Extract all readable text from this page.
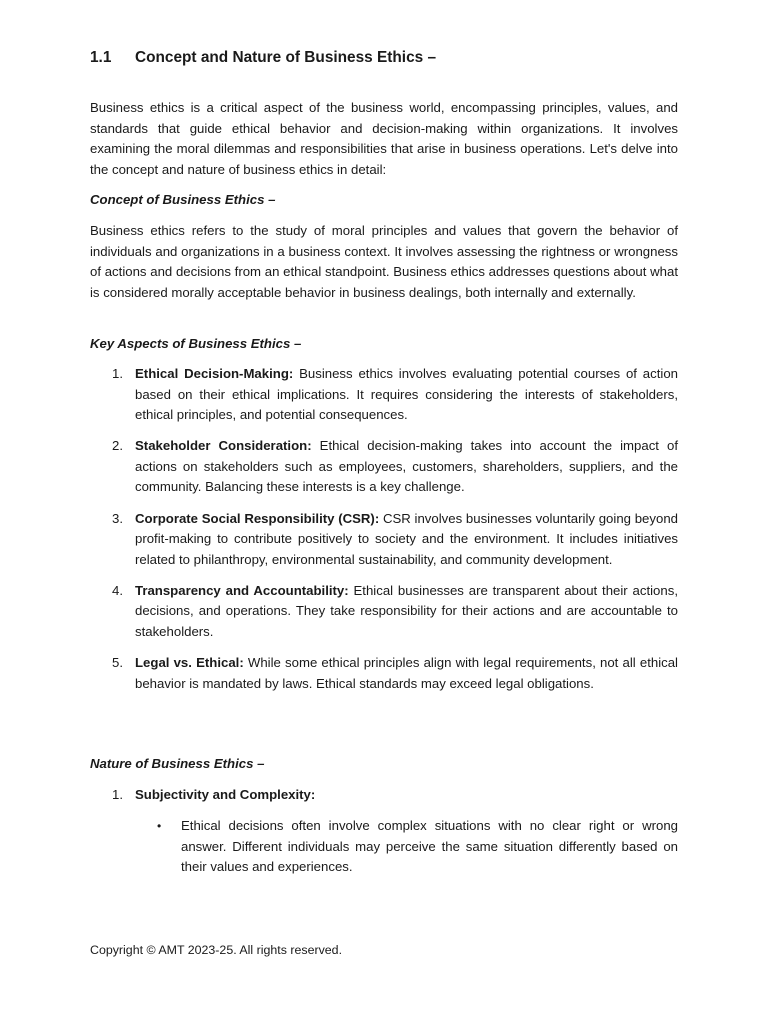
1.1 Concept and Nature of Business Ethics –

Business ethics is a critical aspect of the business world, encompassing principles, values, and standards that guide ethical behavior and decision-making within organizations. It involves examining the moral dilemmas and responsibilities that arise in business operations. Let's delve into the concept and nature of business ethics in detail:

Concept of Business Ethics –

Business ethics refers to the study of moral principles and values that govern the behavior of individuals and organizations in a business context. It involves assessing the rightness or wrongness of actions and decisions from an ethical standpoint. Business ethics addresses questions about what is considered morally acceptable behavior in business dealings, both internally and externally.

Key Aspects of Business Ethics –

1. Ethical Decision-Making: Business ethics involves evaluating potential courses of action based on their ethical implications. It requires considering the interests of stakeholders, ethical principles, and potential consequences.
2. Stakeholder Consideration: Ethical decision-making takes into account the impact of actions on stakeholders such as employees, customers, shareholders, suppliers, and the community. Balancing these interests is a key challenge.
3. Corporate Social Responsibility (CSR): CSR involves businesses voluntarily going beyond profit-making to contribute positively to society and the environment. It includes initiatives related to philanthropy, environmental sustainability, and community development.
4. Transparency and Accountability: Ethical businesses are transparent about their actions, decisions, and operations. They take responsibility for their actions and are accountable to stakeholders.
5. Legal vs. Ethical: While some ethical principles align with legal requirements, not all ethical behavior is mandated by laws. Ethical standards may exceed legal obligations.

Nature of Business Ethics –

1. Subjectivity and Complexity:
• Ethical decisions often involve complex situations with no clear right or wrong answer. Different individuals may perceive the same situation differently based on their values and experiences.
Copyright © AMT 2023-25. All rights reserved.
